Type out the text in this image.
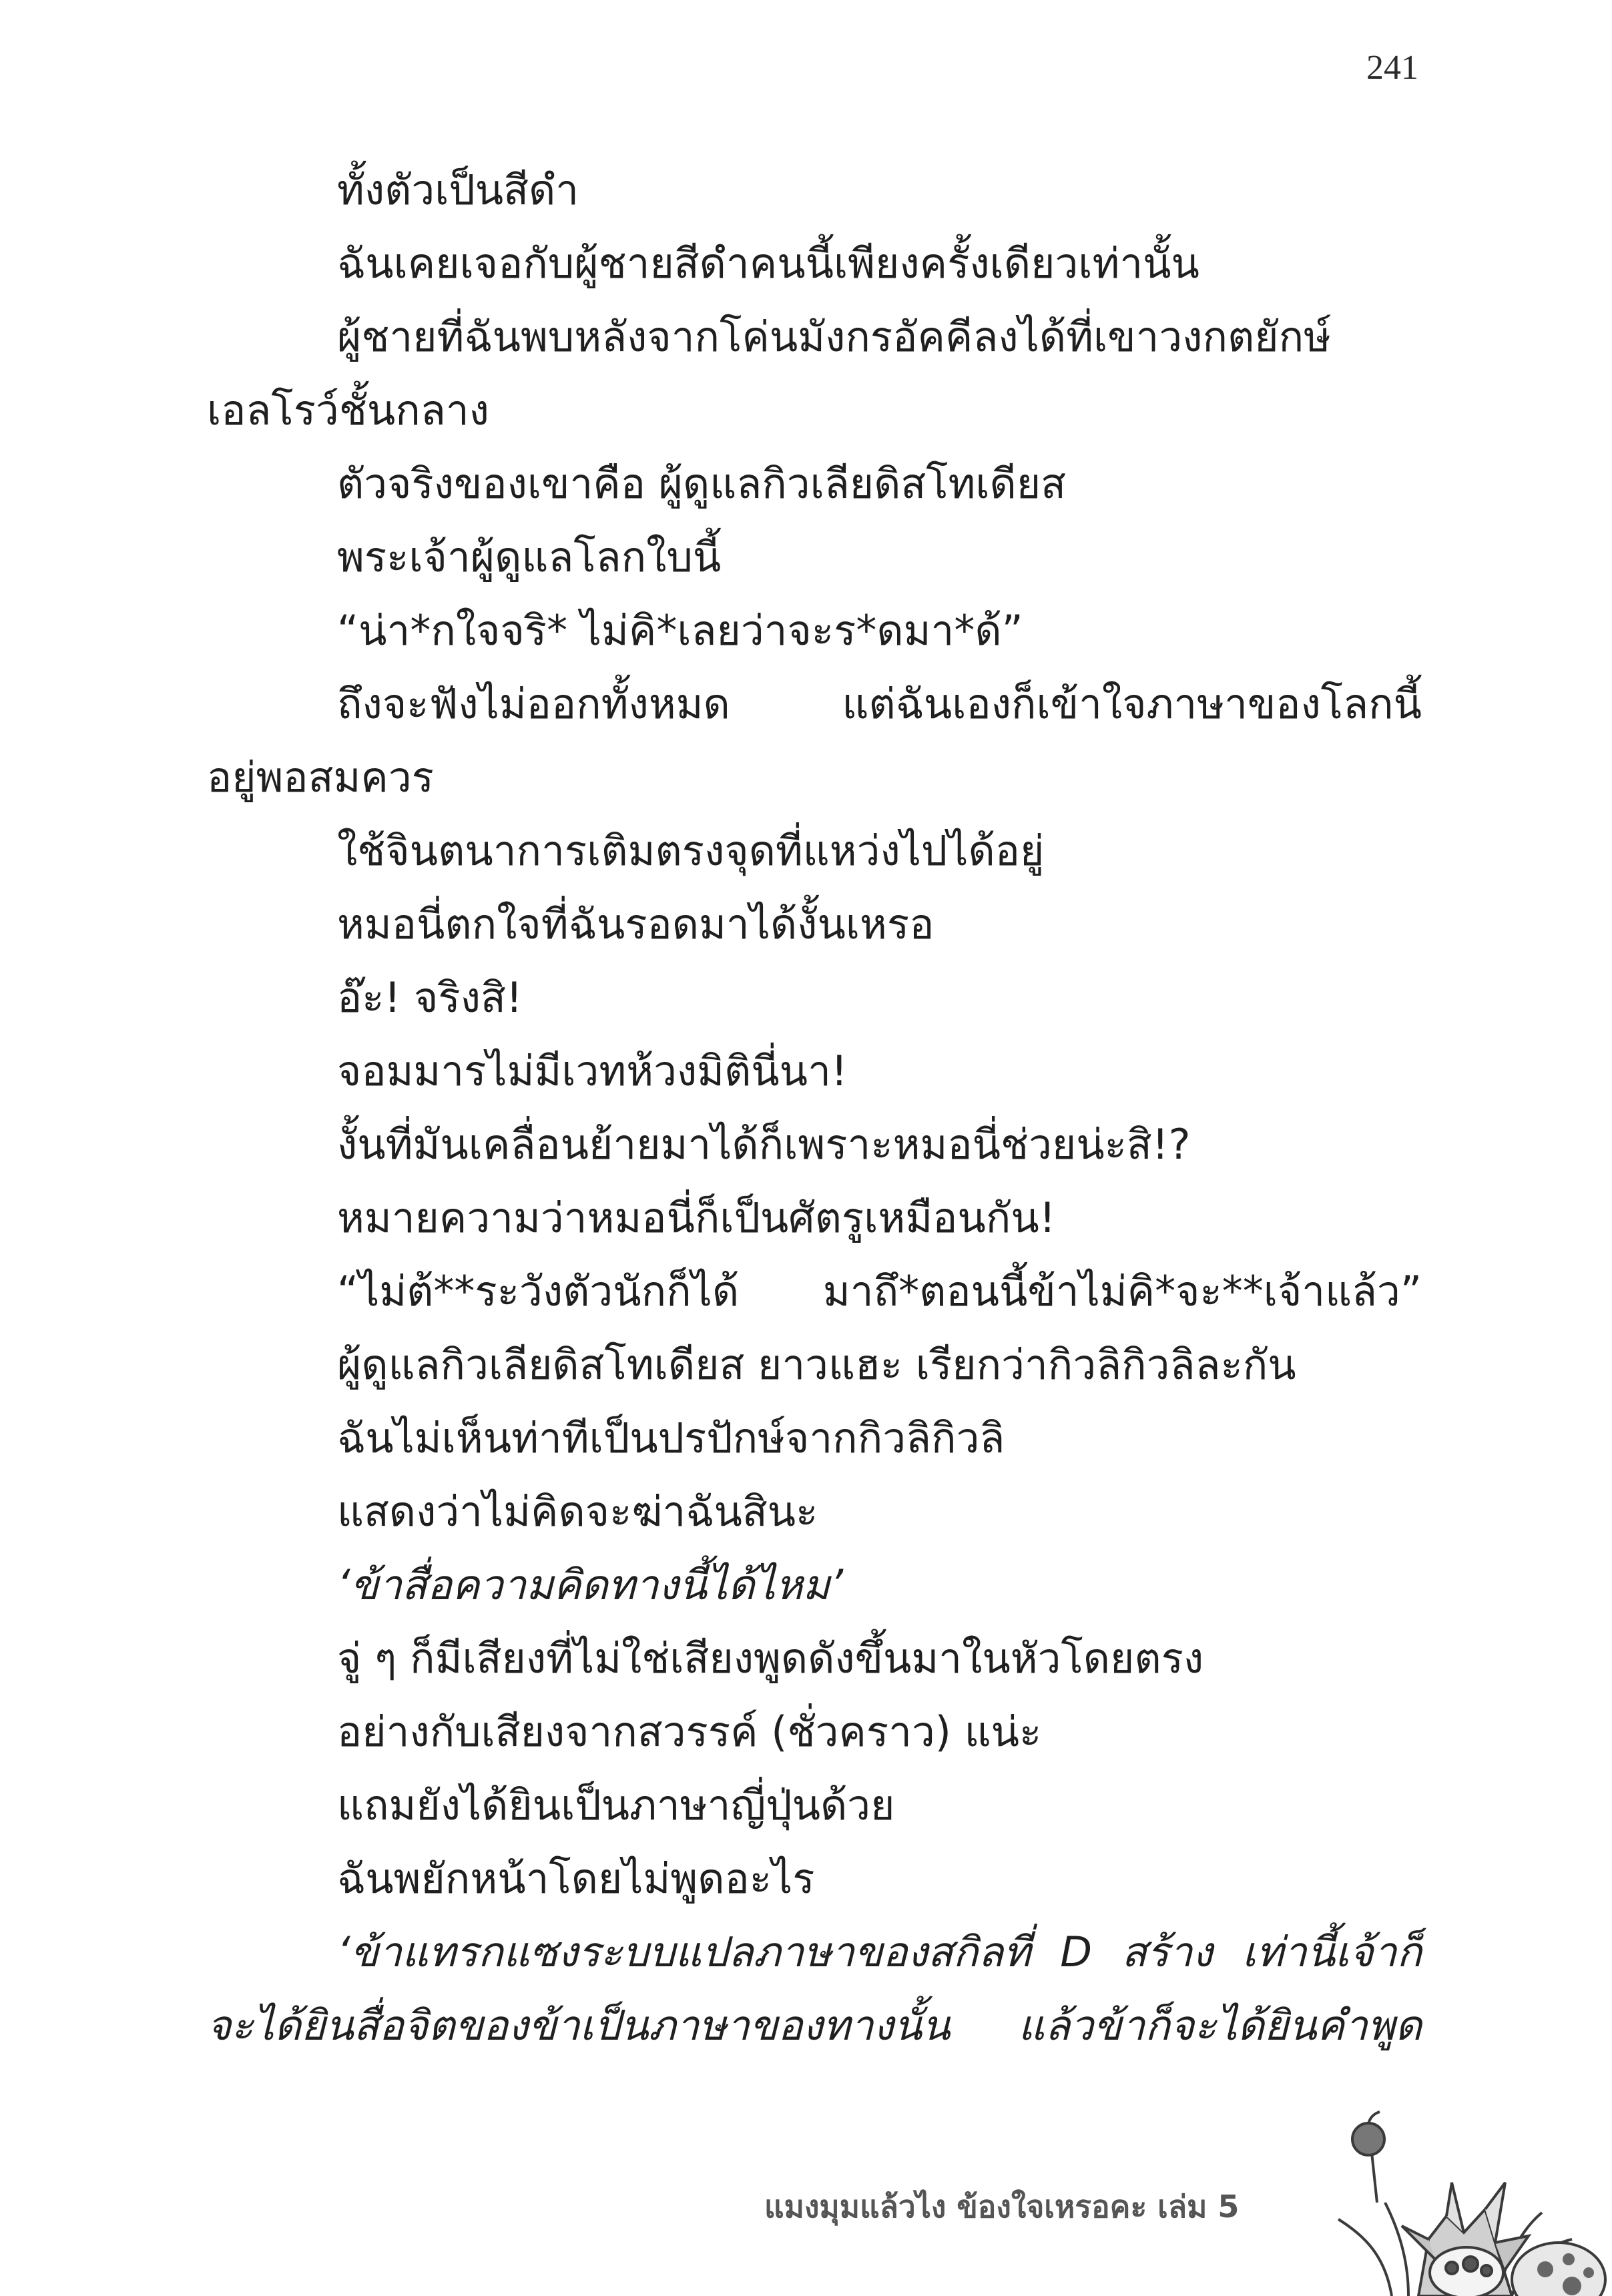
241
ทั้งตัวเป็นสีดำ
ฉันเคยเจอกับผู้ชายสีดำคนนี้เพียงครั้งเดียวเท่านั้น
ผู้ชายที่ฉันพบหลังจากโค่นมังกรอัคคีลงได้ที่เขาวงกตยักษ์
เอลโรว์ชั้นกลาง
ตัวจริงของเขาคือ ผู้ดูแลกิวเลียดิสโทเดียส
พระเจ้าผู้ดูแลโลกใบนี้
“น่า*กใจจริ* ไม่คิ*เลยว่าจะร*ดมา*ด้”
ถึงจะฟังไม่ออกทั้งหมด แต่ฉันเองก็เข้าใจภาษาของโลกนี้
อยู่พอสมควร
ใช้จินตนาการเติมตรงจุดที่แหว่งไปได้อยู่
หมอนี่ตกใจที่ฉันรอดมาได้งั้นเหรอ
อ๊ะ! จริงสิ!
จอมมารไม่มีเวทห้วงมิตินี่นา!
งั้นที่มันเคลื่อนย้ายมาได้ก็เพราะหมอนี่ช่วยน่ะสิ!?
หมายความว่าหมอนี่ก็เป็นศัตรูเหมือนกัน!
“ไม่ต้**ระวังตัวนักก็ได้ มาถึ*ตอนนี้ข้าไม่คิ*จะ**เจ้าแล้ว”
ผู้ดูแลกิวเลียดิสโทเดียส ยาวแฮะ เรียกว่ากิวลิกิวลิละกัน
ฉันไม่เห็นท่าทีเป็นปรปักษ์จากกิวลิกิวลิ
แสดงว่าไม่คิดจะฆ่าฉันสินะ
‘ข้าสื่อความคิดทางนี้ได้ไหม’
จู่ ๆ ก็มีเสียงที่ไม่ใช่เสียงพูดดังขึ้นมาในหัวโดยตรง
อย่างกับเสียงจากสวรรค์ (ชั่วคราว) แน่ะ
แถมยังได้ยินเป็นภาษาญี่ปุ่นด้วย
ฉันพยักหน้าโดยไม่พูดอะไร
‘ข้าแทรกแซงระบบแปลภาษาของสกิลที่ D สร้าง เท่านี้เจ้าก็
จะได้ยินสื่อจิตของข้าเป็นภาษาของทางนั้น แล้วข้าก็จะได้ยินคำพูด
แมงมุมแล้วไง ข้องใจเหรอคะ เล่ม 5
